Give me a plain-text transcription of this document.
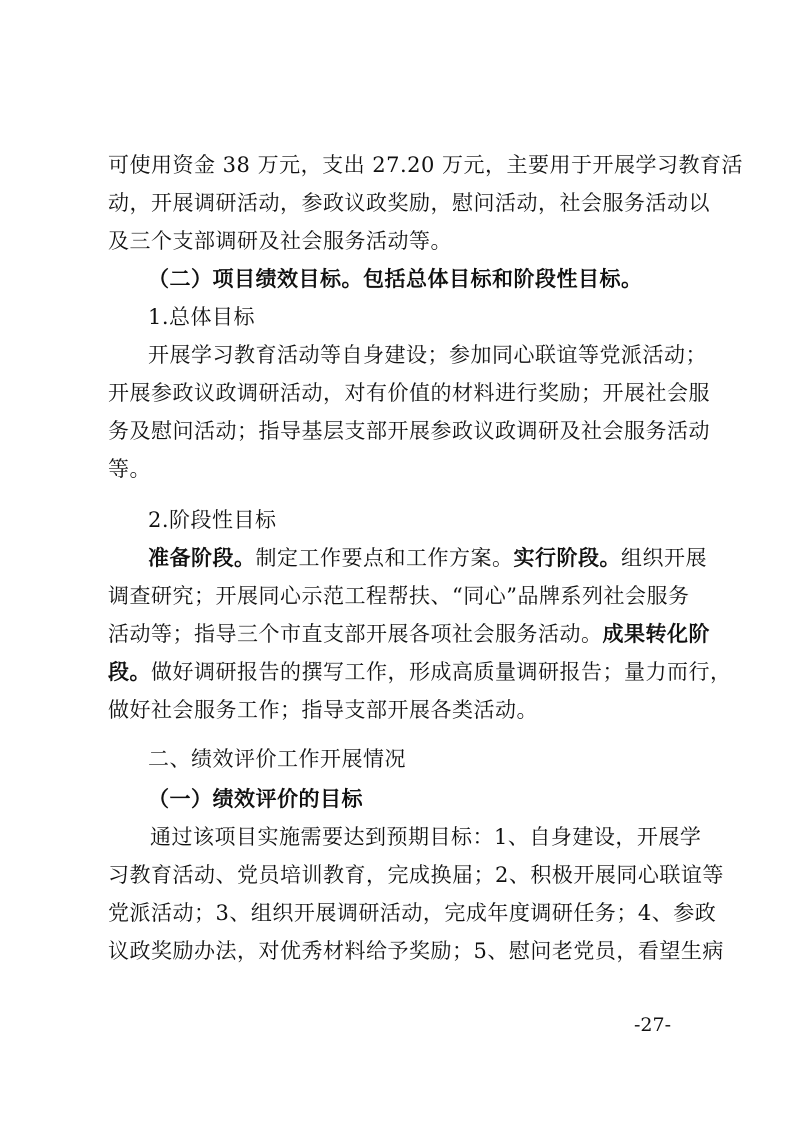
可使用资金 38 万元，支出 27.20 万元，主要用于开展学习教育活
动，开展调研活动，参政议政奖励，慰问活动，社会服务活动以
及三个支部调研及社会服务活动等。
（二）项目绩效目标。包括总体目标和阶段性目标。
1.总体目标
开展学习教育活动等自身建设；参加同心联谊等党派活动；
开展参政议政调研活动，对有价值的材料进行奖励；开展社会服
务及慰问活动；指导基层支部开展参政议政调研及社会服务活动
等。
2.阶段性目标
准备阶段。制定工作要点和工作方案。实行阶段。组织开展
调查研究；开展同心示范工程帮扶、“同心”品牌系列社会服务
活动等；指导三个市直支部开展各项社会服务活动。成果转化阶
段。做好调研报告的撰写工作，形成高质量调研报告；量力而行，
做好社会服务工作；指导支部开展各类活动。
二、绩效评价工作开展情况
（一）绩效评价的目标
通过该项目实施需要达到预期目标：1、自身建设，开展学
习教育活动、党员培训教育，完成换届；2、积极开展同心联谊等
党派活动；3、组织开展调研活动，完成年度调研任务；4、参政
议政奖励办法，对优秀材料给予奖励；5、慰问老党员，看望生病
-27-
